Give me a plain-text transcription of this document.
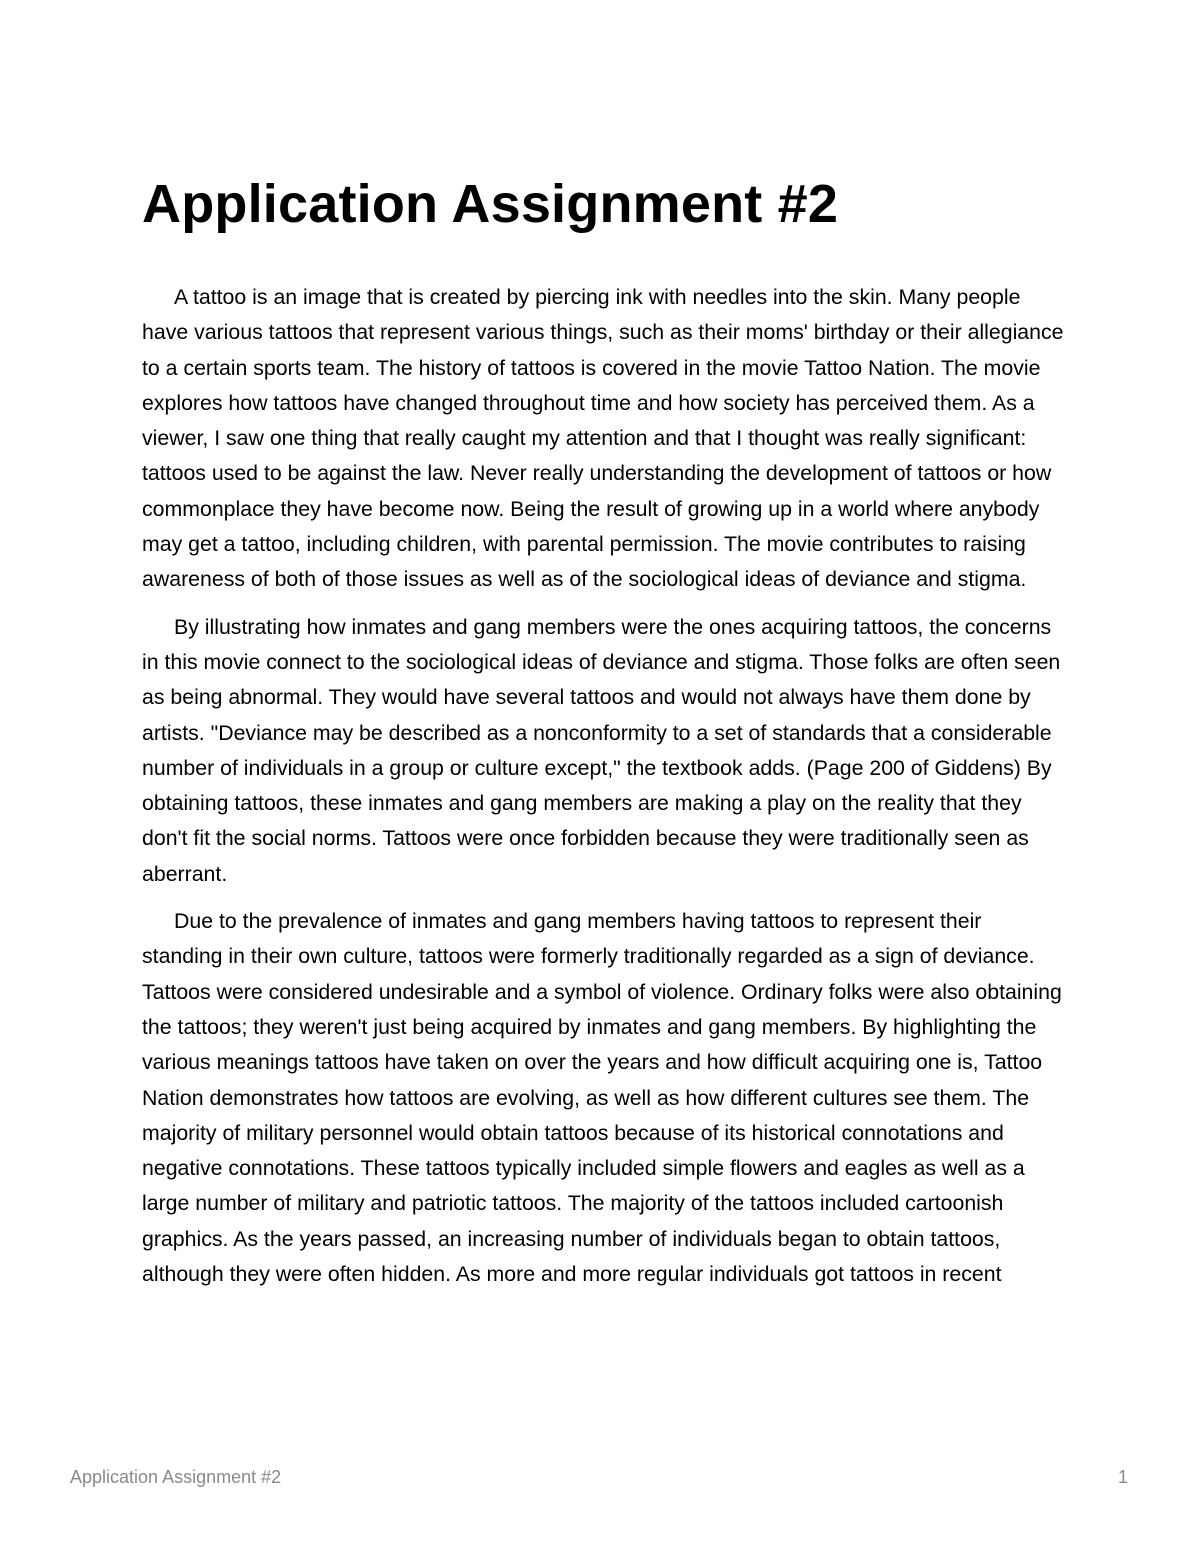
Application Assignment #2

A tattoo is an image that is created by piercing ink with needles into the skin. Many people have various tattoos that represent various things, such as their moms' birthday or their allegiance to a certain sports team. The history of tattoos is covered in the movie Tattoo Nation. The movie explores how tattoos have changed throughout time and how society has perceived them. As a viewer, I saw one thing that really caught my attention and that I thought was really significant: tattoos used to be against the law. Never really understanding the development of tattoos or how commonplace they have become now. Being the result of growing up in a world where anybody may get a tattoo, including children, with parental permission. The movie contributes to raising awareness of both of those issues as well as of the sociological ideas of deviance and stigma.

By illustrating how inmates and gang members were the ones acquiring tattoos, the concerns in this movie connect to the sociological ideas of deviance and stigma. Those folks are often seen as being abnormal. They would have several tattoos and would not always have them done by artists. "Deviance may be described as a nonconformity to a set of standards that a considerable number of individuals in a group or culture except," the textbook adds. (Page 200 of Giddens) By obtaining tattoos, these inmates and gang members are making a play on the reality that they don't fit the social norms. Tattoos were once forbidden because they were traditionally seen as aberrant.

Due to the prevalence of inmates and gang members having tattoos to represent their standing in their own culture, tattoos were formerly traditionally regarded as a sign of deviance. Tattoos were considered undesirable and a symbol of violence. Ordinary folks were also obtaining the tattoos; they weren't just being acquired by inmates and gang members. By highlighting the various meanings tattoos have taken on over the years and how difficult acquiring one is, Tattoo Nation demonstrates how tattoos are evolving, as well as how different cultures see them. The majority of military personnel would obtain tattoos because of its historical connotations and negative connotations. These tattoos typically included simple flowers and eagles as well as a large number of military and patriotic tattoos. The majority of the tattoos included cartoonish graphics. As the years passed, an increasing number of individuals began to obtain tattoos, although they were often hidden. As more and more regular individuals got tattoos in recent

Application Assignment #2	1
